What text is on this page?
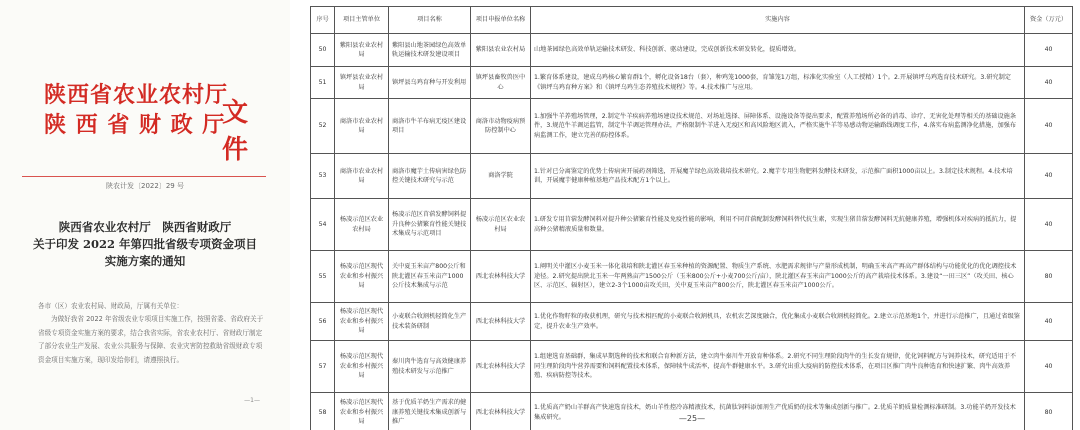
陕西省农业农村厅
陕 西 省 财 政 厅
文件
陕农计发〔2022〕29 号
陕西省农业农村厅　陕西省财政厅
关于印发 2022 年第四批省级专项资金项目
实施方案的通知
各市（区）农业农村局、财政局，厅属有关单位：
为做好我省 2022 年省级农业专项项目实施工作，按照省委、省政府关于省级专项资金实施方案的要求，结合我省实际，省农业农村厅、省财政厅制定了部分农业生产发展、农业公共服务与保障、农业灾害防控救助省级财政专项资金项目实施方案，现印发给你们，请遵照执行。
—1—
序号	项目主管单位	项目名称	项目申报单位名称	实施内容	资金（万元）
50	紫阳县农业农村局	紫阳县山地茶园绿色高效单轨运输技术研发建设项目	紫阳县农业农村局	山地茶园绿色高效单轨运输技术研发、科技创新、驱动建设，完成创新技术研发转化，提质增效。	40
51	镇坪县农业农村局	镇坪县乌鸡育种与开发利用	镇坪县畜牧兽医中心	1.繁育体系建设，建成乌鸡核心繁育群1个，孵化设备18台（套），种鸡笼1000套，育雏笼1万组，标准化实验室（人工授精）1个。2.开展镇坪乌鸡选育技术研究。3.研究制定《镇坪乌鸡育种方案》和《镇坪乌鸡生态养殖技术规程》等。4.技术推广与应用。	40
52	商洛市农业农村局	商洛市牛羊布病无疫区建设项目	商洛市动物疫病预防控制中心	1.加强牛羊养殖场管理，2.制定牛羊疾病养殖场建设技术规范、对场址选择、屏障体系、设施设备等提出要求，配置养殖场所必备的消毒、诊疗、无害化处理等相关的基础设施条件，3.规范牛羊调运监管，制定牛羊调运管理办法，严格限制牛羊进入无疫区和高风险地区流入，严格实施牛羊等易感动物运输路线调度工作，4.落实布病监测净化措施，加强布病监测工作，建立完善的防控体系。	40
53	商洛市农业农村局	商洛市魔芋土传病害绿色防控关键技术研究与示范	商洛学院	1.针对已分离鉴定的优势土传病害开展药剂筛选，开展魔芋绿色高效栽培技术研究。2.魔芋专用生物肥料发酵技术研发，示范推广面积1000亩以上。3.制定技术规程。4.技术培训，开展魔芋健康种植基地产品技术配方1个以上。	40
54	杨凌示范区农业农村局	杨凌示范区苜蓿发酵饲料提升良种公猪繁育性能关键技术集成与示范项目	杨凌示范区农业农村局	1.研发专用苜蓿发酵饲料对提升种公猪繁育性能及免疫性能的影响，利用不同苜蓿配制发酵饲料替代抗生素，实现生猪苜蓿发酵饲料无抗健康养殖，增强机体对疾病的抵抗力，提高种公猪精液质量和数量。	40
55	杨凌示范区现代农业和乡村振兴局	关中夏玉米亩产800公斤和陕北灌区春玉米亩产1000公斤技术集成与示范	西北农林科技大学	1.阐明关中灌区小麦玉米一体化栽培和陕北灌区春玉米种植的资源配置、物质生产系统、水肥需求规律与产量形成机制，明确玉米高产再高产群体结构与功能优化的优化调控技术途径。2.研究提出陕北玉米一年两熟亩产1500公斤（玉米800公斤+小麦700公斤/亩），陕北灌区春玉米亩产1000公斤的高产栽培技术体系。3.建设“一田三区”（攻关田、核心区、示范区、辐射区），建立2-3个1000亩攻关田，关中夏玉米亩产800公斤，陕北灌区春玉米亩产1000公斤。	80
56	杨凌示范区现代农业和乡村振兴局	小麦联合收割机轻简化生产技术装备研制	西北农林科技大学	1.优化作物籽粒的收获机理，研究与技术相匹配的小麦联合收割机具，农机农艺深度融合，优化集成小麦联合收割机轻简化。2.建立示范基地1个，并进行示范推广，且通过省级鉴定，提升农业生产效率。	40
57	杨凌示范区现代农业和乡村振兴局	秦川肉牛选育与高效健康养殖技术研发与示范推广	西北农林科技大学	1.组建选育基础群，集成早期选种的技术和联合育种新方法，建立肉牛秦川牛开放育种体系。2.研究不同生理阶段肉牛的生长发育规律，优化饲料配方与饲养技术，研究适用于不同生理阶段肉牛营养需要和饲料配置技术体系，保障犊牛成活率，提高牛群健康水平。3.研究出重大疫病的防控技术体系，在项目区推广肉牛良种选育和快速扩繁、肉牛高效养殖、疾病防控等技术。	40
58	杨凌示范区现代农业和乡村振兴局	基于优质羊奶生产需求的健康养殖关键技术集成创新与推广	西北农林科技大学	1.优质高产奶山羊群高产快速选育技术，奶山羊性控冷冻精液技术，抗菌肽饲料添加剂生产优质奶的技术等集成创新与推广。2.优质羊奶质量检测标准研制。3.功能羊奶开发技术集成研究。	80
—25—
